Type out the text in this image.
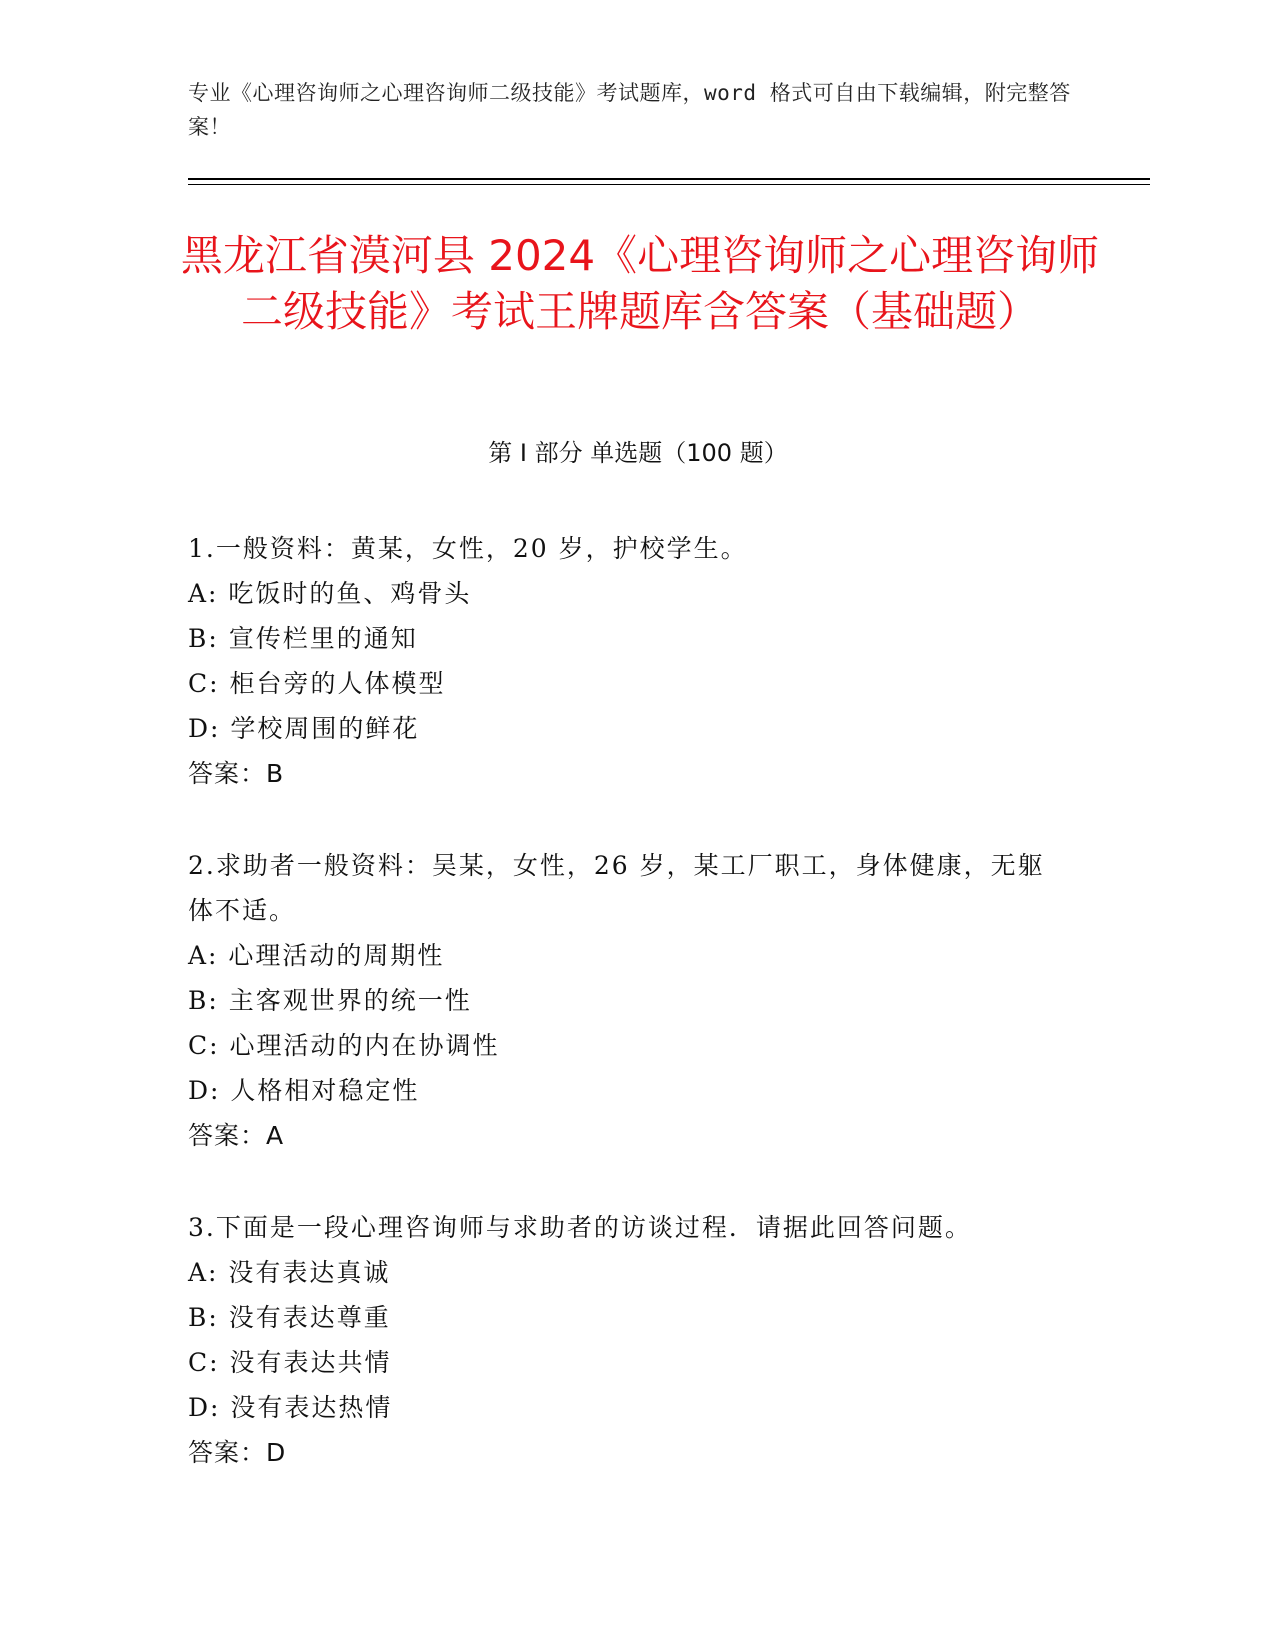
专业《心理咨询师之心理咨询师二级技能》考试题库，word 格式可自由下载编辑，附完整答案！
黑龙江省漠河县 2024《心理咨询师之心理咨询师二级技能》考试王牌题库含答案（基础题）
第 I 部分 单选题（100 题）
1.一般资料：黄某，女性，20 岁，护校学生。
A: 吃饭时的鱼、鸡骨头
B: 宣传栏里的通知
C: 柜台旁的人体模型
D: 学校周围的鲜花
答案：B
2.求助者一般资料：吴某，女性，26 岁，某工厂职工，身体健康，无躯体不适。
A: 心理活动的周期性
B: 主客观世界的统一性
C: 心理活动的内在协调性
D: 人格相对稳定性
答案：A
3.下面是一段心理咨询师与求助者的访谈过程．请据此回答问题。
A: 没有表达真诚
B: 没有表达尊重
C: 没有表达共情
D: 没有表达热情
答案：D
